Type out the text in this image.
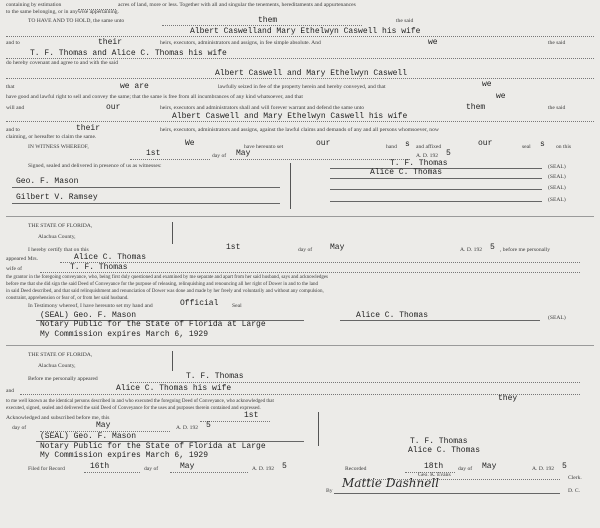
containing by estimation	acres of land, more or less. Together with all and singular the tenements, hereditaments and appurtenances
to the same belonging, or in anywise appertaining.
TO HAVE AND TO HOLD, the same unto	them	the said
Albert Caswelland Mary Ethelwyn Caswell his wife
and to	their	heirs, executors, administrators and assigns, in fee simple absolute. And	we	the said
T. F. Thomas and Alice C. Thomas his wife
do hereby covenant and agree to and with the said
Albert Caswell and Mary Ethelwyn Caswell
that	we are	lawfully seized in fee of the property herein and hereby conveyed, and that	we
have good and lawful right to sell and convey the same; that the same is free from all incumbrances of any kind whatsoever, and that	we
will and	our	heirs, executors and administrators shall and will forever warrant and defend the same unto	them	the said
Albert Caswell and Mary Ethelwyn Caswell his wife
and to	their	heirs, executors, administrators and assigns, against the lawful claims and demands of any and all persons whomsoever, now
claiming, or hereafter to claim the same.
IN WITNESS WHEREOF,	We	have hereunto set	our	hand s and affixed	our	seal s on this
1st	day of May	A. D. 192 5
Signed, sealed and delivered in presence of us as witnesses:	T. F. Thomas	(SEAL)
Alice C. Thomas	(SEAL)
(SEAL)
(SEAL)
Geo. F. Mason
Gilbert V. Ramsey
THE STATE OF FLORIDA,
Alachua County,
I hereby certify that on this	1st	day of May	A. D. 192 5 , before me personally
appeared Mrs.	Alice C. Thomas
wife of	T. F. Thomas
the grantor in the foregoing conveyance, who, being first duly questioned and examined by me separate and apart from her said husband, says and acknowledges
before me that she did sign the said Deed of Conveyance for the purpose of releasing, relinquishing and renouncing all her right of Dower in and to the land
in said Deed described, and that said relinquishment and renunciation of Dower was done and made by her freely and voluntarily and without any compulsion,
constraint, apprehension or fear of, or from her said husband.
In Testimony whereof, I have hereunto set my hand and	Official Seal
(SEAL) Geo. F. Mason
Notary Public for the State of Florida at Large
My Commission expires March 6, 1929
Alice C. Thomas	(SEAL)
THE STATE OF FLORIDA,
Alachua County,
Before me personally appeared	T. F. Thomas
and	Alice C. Thomas his wife
to me well known as the identical persons described in and who executed the foregoing Deed of Conveyance, who acknowledged that	they
executed, signed, sealed and delivered the said Deed of Conveyance for the uses and purposes therein contained and expressed.
Acknowledged and subscribed before me, this	1st
day of	May	A. D. 192 5
(SEAL) Geo. F. Mason
Notary Public for the State of Florida at Large
My Commission expires March 6, 1929
T. F. Thomas
Alice C. Thomas
Filed for Record	16th	day of	May	A. D. 192 5	Recorded	18th	day of May	A. D. 192 5
Geo. K. Evans	Clerk.
By
Mattie Dashnell
D. C.
